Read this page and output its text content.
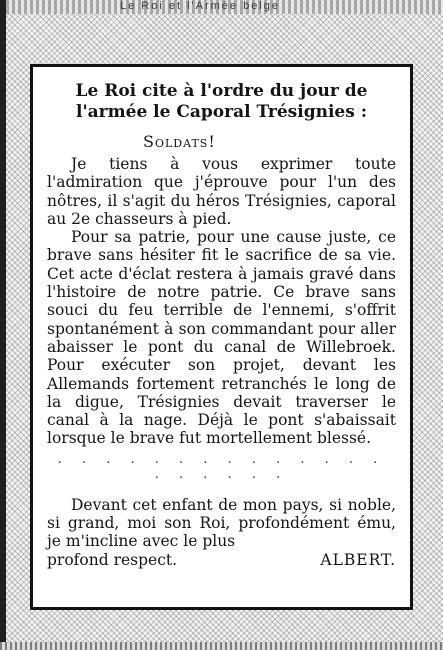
Le Roi et l'Armée belge
Le Roi cite à l'ordre du jour de
l'armée le Caporal Trésignies :
Soldats!

Je tiens à vous exprimer toute l'admiration que j'éprouve pour l'un des nôtres, il s'agit du héros Trésignies, caporal au 2e chasseurs à pied.

Pour sa patrie, pour une cause juste, ce brave sans hésiter fit le sacrifice de sa vie. Cet acte d'éclat restera à jamais gravé dans l'histoire de notre patrie. Ce brave sans souci du feu terrible de l'ennemi, s'offrit spontanément à son commandant pour aller abaisser le pont du canal de Willebroek. Pour exécuter son projet, devant les Allemands fortement retranchés le long de la digue, Trésignies devait traverser le canal à la nage. Déjà le pont s'abaissait lorsque le brave fut mortellement blessé.

. . . . . . . . . . . . . . . . . . . .

Devant cet enfant de mon pays, si noble, si grand, moi son Roi, profondément ému, je m'incline avec le plus

profond respect.	ALBERT.
